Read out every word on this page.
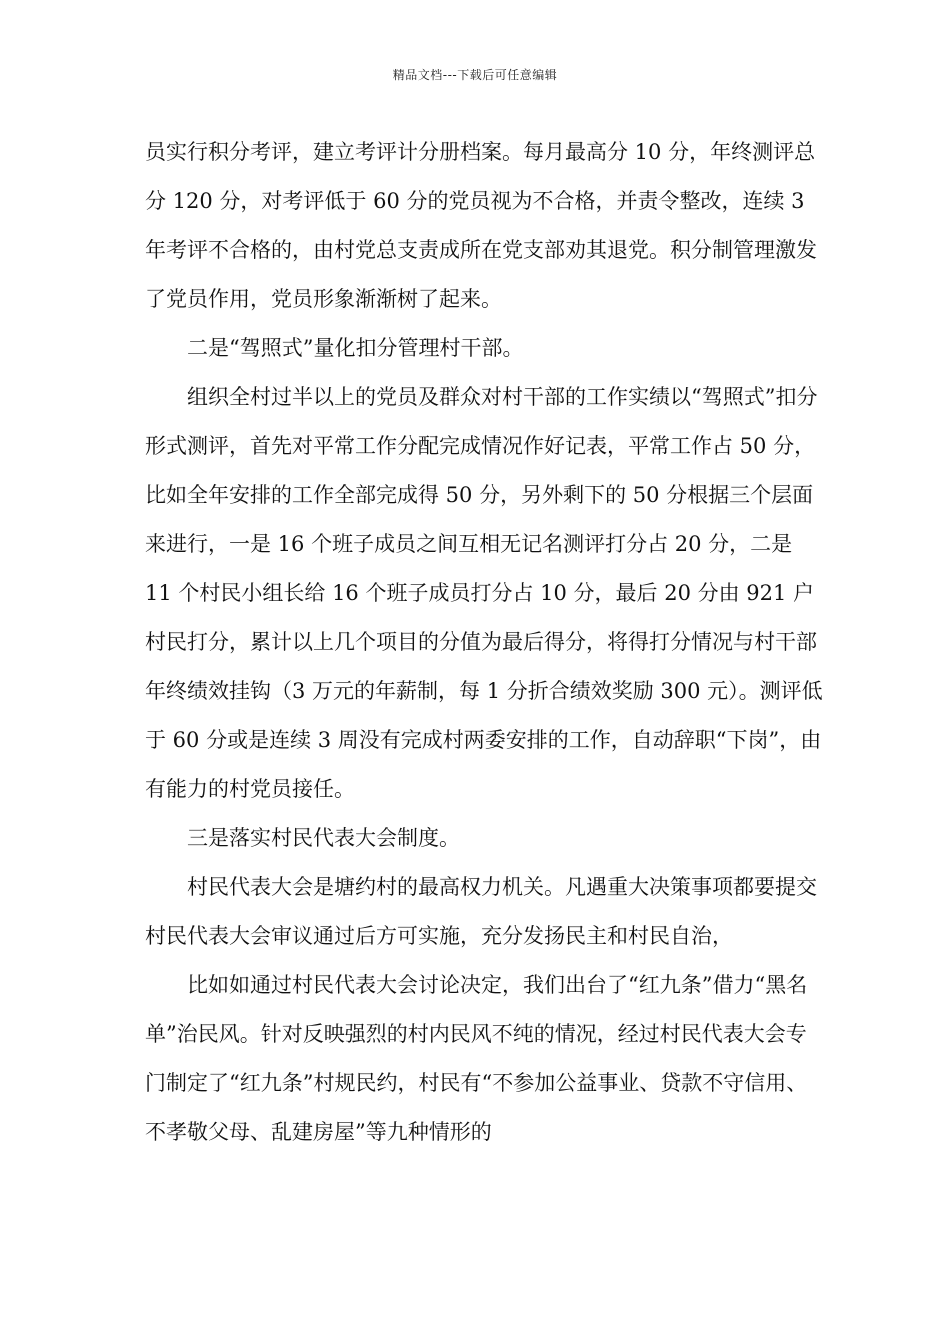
精品文档---下载后可任意编辑

员实行积分考评，建立考评计分册档案。每月最高分 10 分，年终测评总分 120 分，对考评低于 60 分的党员视为不合格，并责令整改，连续 3 年考评不合格的，由村党总支责成所在党支部劝其退党。积分制管理激发了党员作用，党员形象渐渐树了起来。

二是“驾照式”量化扣分管理村干部。

组织全村过半以上的党员及群众对村干部的工作实绩以“驾照式”扣分形式测评，首先对平常工作分配完成情况作好记表，平常工作占 50 分，比如全年安排的工作全部完成得 50 分，另外剩下的 50 分根据三个层面来进行，一是 16 个班子成员之间互相无记名测评打分占 20 分，二是 11 个村民小组长给 16 个班子成员打分占 10 分，最后 20 分由 921 户村民打分，累计以上几个项目的分值为最后得分，将得打分情况与村干部年终绩效挂钩（3 万元的年薪制，每 1 分折合绩效奖励 300 元）。测评低于 60 分或是连续 3 周没有完成村两委安排的工作，自动辞职“下岗”，由有能力的村党员接任。

三是落实村民代表大会制度。

村民代表大会是塘约村的最高权力机关。凡遇重大决策事项都要提交村民代表大会审议通过后方可实施，充分发扬民主和村民自治，

比如如通过村民代表大会讨论决定，我们出台了“红九条”借力“黑名单”治民风。针对反映强烈的村内民风不纯的情况，经过村民代表大会专门制定了“红九条”村规民约，村民有“不参加公益事业、贷款不守信用、不孝敬父母、乱建房屋”等九种情形的
